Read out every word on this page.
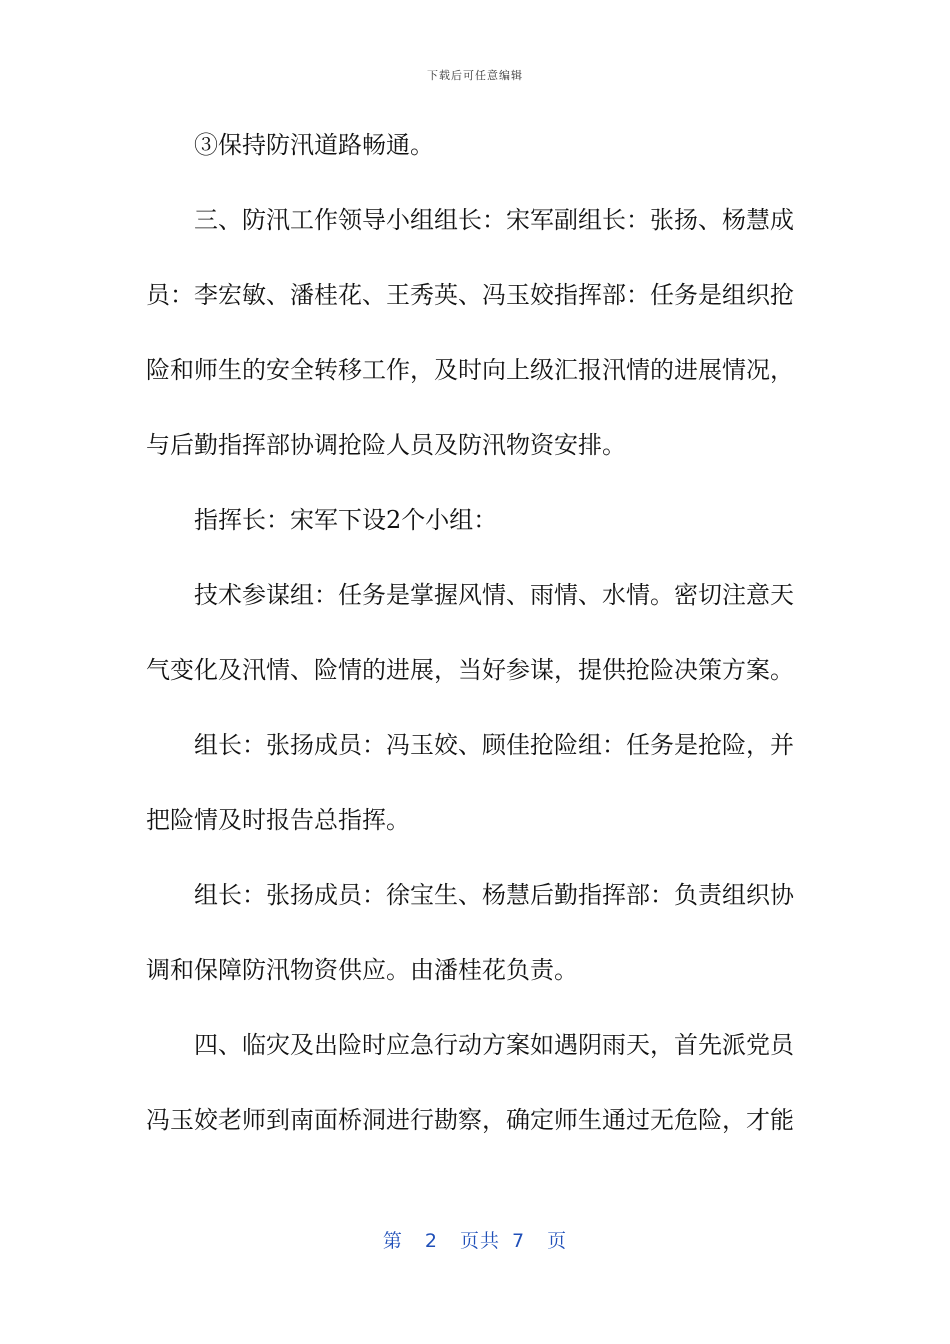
下载后可任意编辑
③保持防汛道路畅通。
三、防汛工作领导小组组长：宋军副组长：张扬、杨慧成
员：李宏敏、潘桂花、王秀英、冯玉姣指挥部：任务是组织抢
险和师生的安全转移工作，及时向上级汇报汛情的进展情况，
与后勤指挥部协调抢险人员及防汛物资安排。
指挥长：宋军下设2个小组：
技术参谋组：任务是掌握风情、雨情、水情。密切注意天
气变化及汛情、险情的进展，当好参谋，提供抢险决策方案。
组长：张扬成员：冯玉姣、顾佳抢险组：任务是抢险，并
把险情及时报告总指挥。
组长：张扬成员：徐宝生、杨慧后勤指挥部：负责组织协
调和保障防汛物资供应。由潘桂花负责。
四、临灾及出险时应急行动方案如遇阴雨天，首先派党员
冯玉姣老师到南面桥洞进行勘察，确定师生通过无危险，才能
第 2 页共 7 页
